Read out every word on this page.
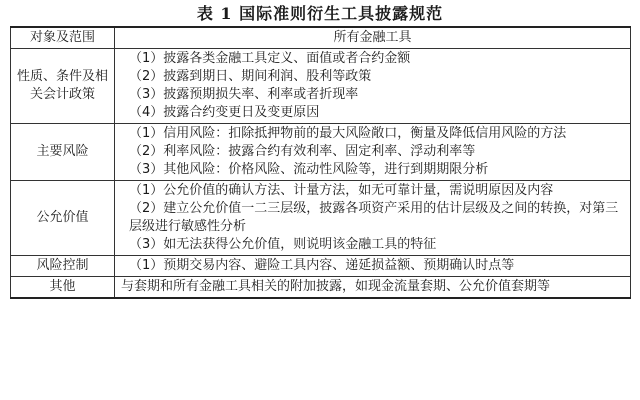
表 1 国际准则衍生工具披露规范
对象及范围	所有金融工具
性质、条件及相关会计政策	（1）披露各类金融工具定义、面值或者合约金额
（2）披露到期日、期间利润、股利等政策
（3）披露预期损失率、利率或者折现率
（4）披露合约变更日及变更原因

主要风险	（1）信用风险：扣除抵押物前的最大风险敞口，衡量及降低信用风险的方法
（2）利率风险：披露合约有效利率、固定利率、浮动利率等
（3）其他风险：价格风险、流动性风险等，进行到期期限分析

公允价值	（1）公允价值的确认方法、计量方法，如无可靠计量，需说明原因及内容
（2）建立公允价值一二三层级，披露各项资产采用的估计层级及之间的转换，对第三层级进行敏感性分析
（3）如无法获得公允价值，则说明该金融工具的特征

风险控制	（1）预期交易内容、避险工具内容、递延损益额、预期确认时点等

其他	与套期和所有金融工具相关的附加披露，如现金流量套期、公允价值套期等
